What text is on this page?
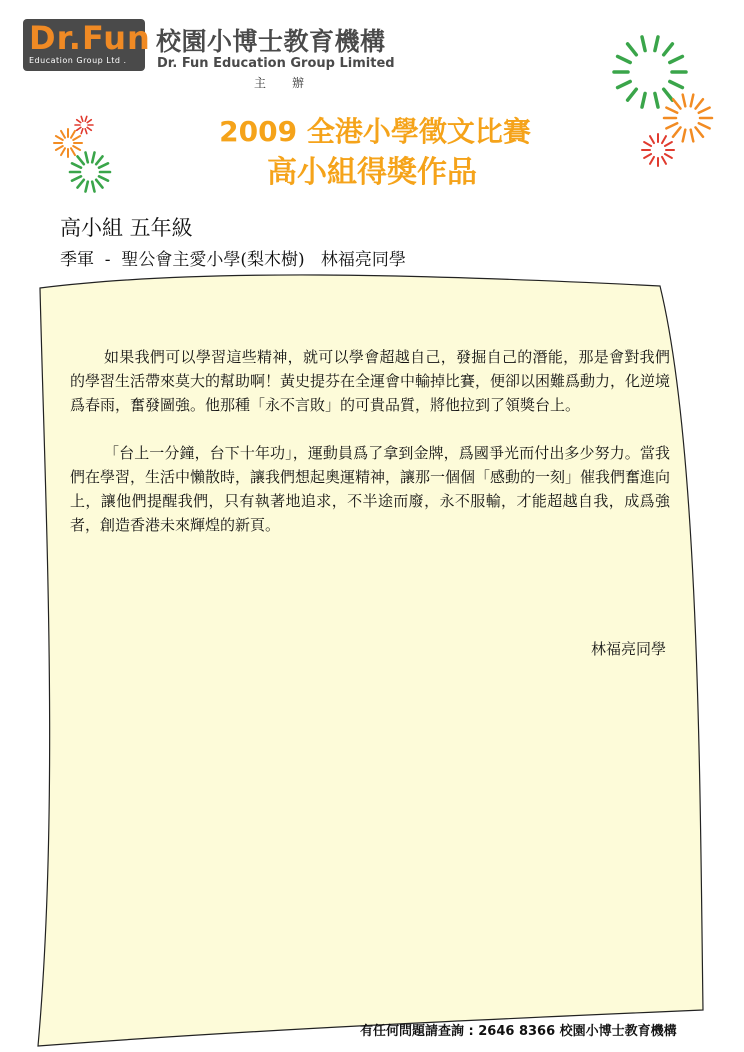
Dr.Fun
Education Group Ltd .
校園小博士教育機構
Dr. Fun Education Group Limited
主辦
2009 全港小學徵文比賽
高小組得獎作品
高小組 五年級
季軍  -  聖公會主愛小學(梨木樹)   林福亮同學

如果我們可以學習這些精神，就可以學會超越自己，發掘自己的潛能，那是會對我們的學習生活帶來莫大的幫助啊！黃史提芬在全運會中輸掉比賽，便卻以困難爲動力，化逆境爲春雨，奮發圖強。他那種「永不言敗」的可貴品質，將他拉到了領獎台上。

「台上一分鐘，台下十年功」，運動員爲了拿到金牌，爲國爭光而付出多少努力。當我們在學習，生活中懶散時，讓我們想起奧運精神，讓那一個個「感動的一刻」催我們奮進向上，讓他們提醒我們，只有執著地追求，不半途而廢，永不服輸，才能超越自我，成爲強者，創造香港未來輝煌的新頁。

林福亮同學
有任何問題請查詢 : 2646 8366 校園小博士教育機構
